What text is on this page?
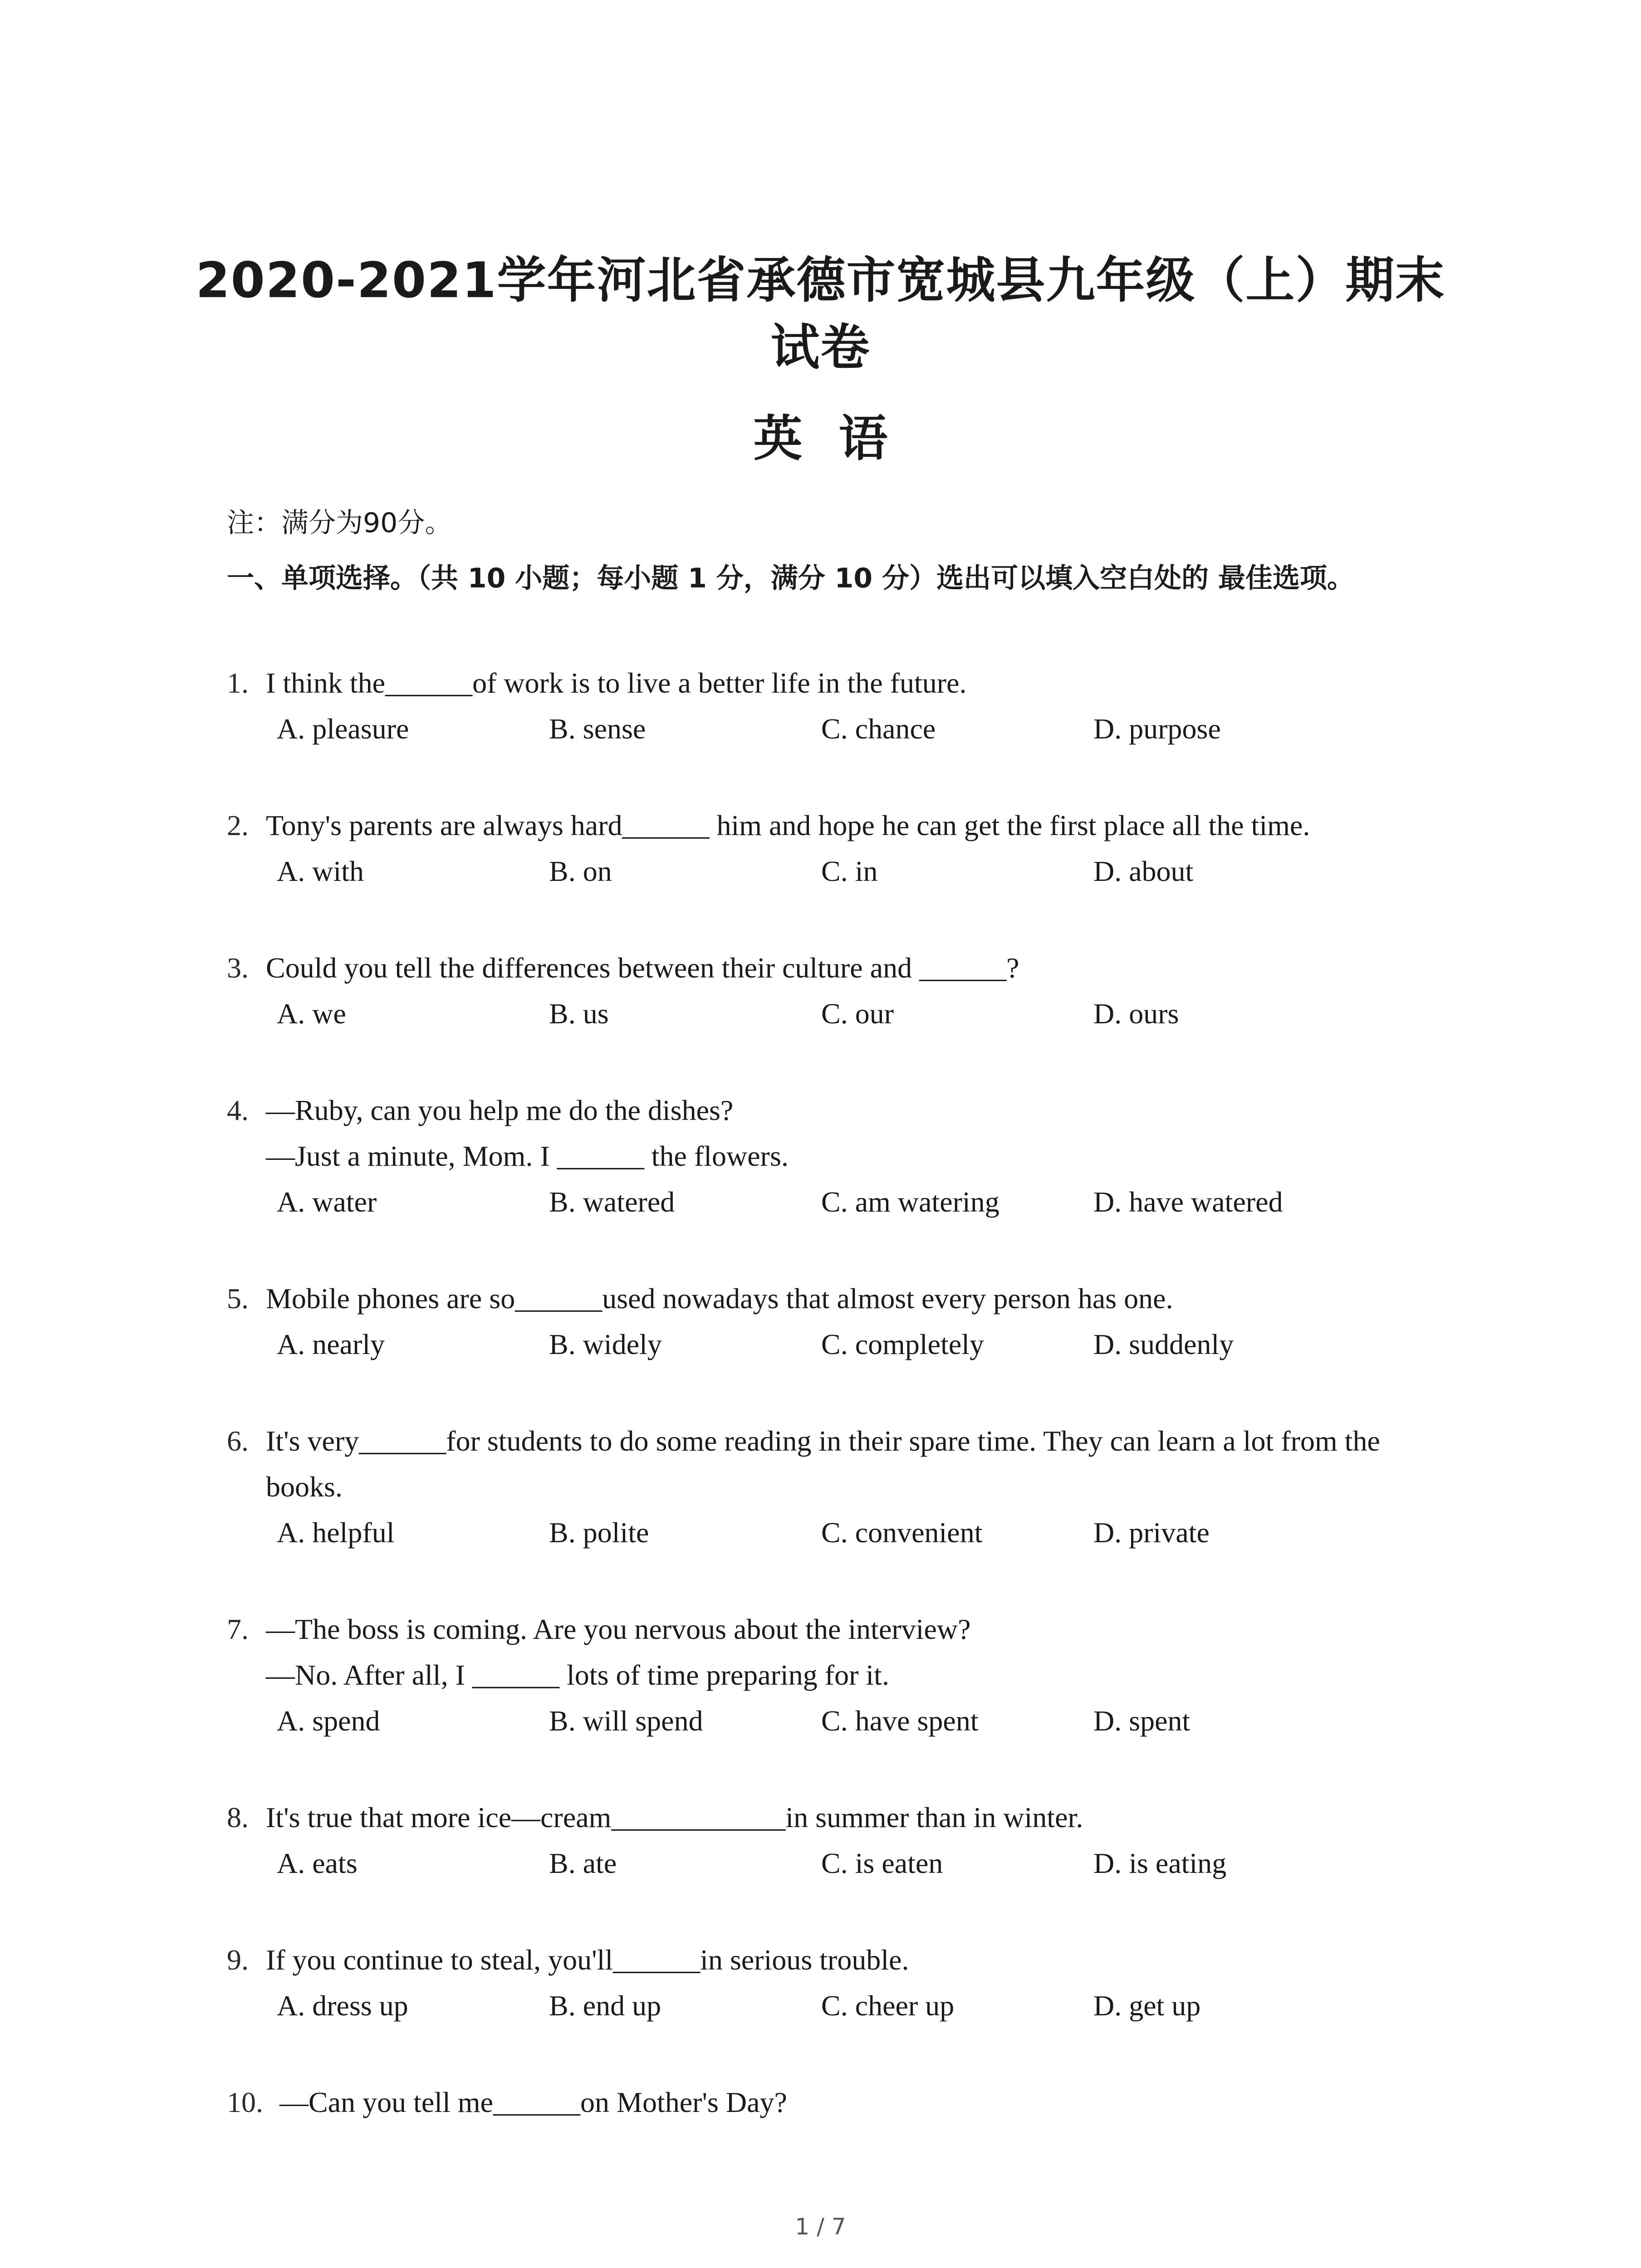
2020-2021学年河北省承德市宽城县九年级（上）期末试卷
英语
注：满分为90分。
一、单项选择。（共 10 小题；每小题 1 分，满分 10 分）选出可以填入空白处的 最佳选项。
1. I think the______of work is to live a better life in the future.
A. pleasure	B. sense	C. chance	D. purpose
2. Tony's parents are always hard______ him and hope he can get the first place all the time.
A. with	B. on	C. in	D. about
3. Could you tell the differences between their culture and ______?
A. we	B. us	C. our	D. ours
4. —Ruby, can you help me do the dishes?
—Just a minute, Mom. I ______ the flowers.
A. water	B. watered	C. am watering	D. have watered
5. Mobile phones are so______used nowadays that almost every person has one.
A. nearly	B. widely	C. completely	D. suddenly
6. It's very______for students to do some reading in their spare time. They can learn a lot from the
books.
A. helpful	B. polite	C. convenient	D. private
7. —The boss is coming. Are you nervous about the interview?
—No. After all, I ______ lots of time preparing for it.
A. spend	B. will spend	C. have spent	D. spent
8. It's true that more ice—cream____________in summer than in winter.
A. eats	B. ate	C. is eaten	D. is eating
9. If you continue to steal, you'll______in serious trouble.
A. dress up	B. end up	C. cheer up	D. get up
10. —Can you tell me______on Mother's Day?
1 / 7
